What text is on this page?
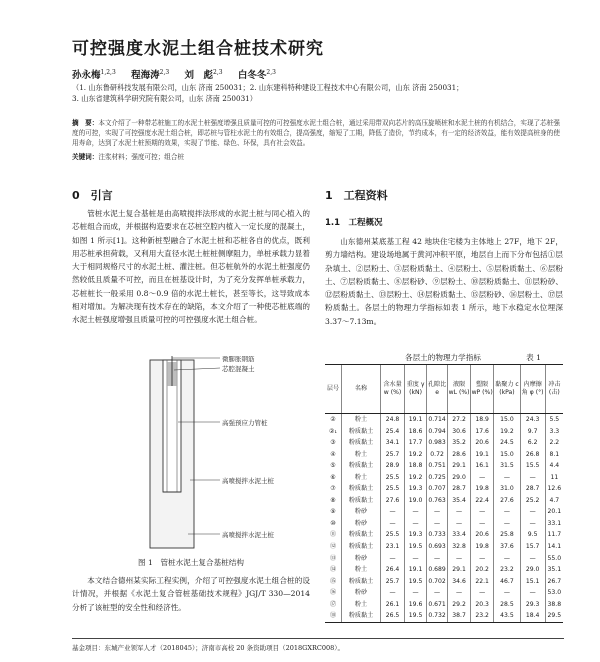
可控强度水泥土组合桩技术研究
孙永梅$^{1,2,3}$ 程海涛$^{2,3}$ 刘　彪$^{2,3}$ 白冬冬$^{2,3}$
（1. 山东鲁研科技发展有限公司，山东 济南 250031；2. 山东建科特种建设工程技术中心有限公司，山东 济南 250031；
3. 山东省建筑科学研究院有限公司，山东 济南 250031）
摘　要：本文介绍了一种带芯桩施工的水泥土桩强度增强且质量可控的可控强度水泥土组合桩，通过采用带双向芯片的高压旋喷桩和水泥土桩的有机结合，实现了芯桩强度的可控，实现了可控强度水泥土组合桩，即芯桩与管柱水泥土的有效组合，提高强度，缩短了工期，降低了造价，节约成本，有一定的经济效益，能有效提高桩身的使用寿命，达到了水泥土桩预期的效果，实现了节能、绿色、环保，具有社会效益。
关键词：注浆材料；强度可控；组合桩
0　引言
管桩水泥土复合基桩是由高喷搅拌法形成的水泥土桩与同心植入的芯桩组合而成，并根据构造要求在芯桩空腔内植入一定长度的混凝土，如图 1 所示[1]。这种新桩型融合了水泥土桩和芯桩各自的优点，既利用芯桩承担荷载，又利用大直径水泥土桩桩侧摩阻力，单桩承载力显着大于相同规格尺寸的水泥土桩、灌注桩。但芯桩航外的水泥土桩强度仍然较低且质量不可控，而且在桩基设计时，为了充分发挥单桩承载力，芯桩桩长一般采用 0.8～0.9 倍的水泥土桩长，甚至等长，这导致成本相对增加。为解决现有技术存在的缺陷，本文介绍了一种使芯桩底端的水泥土桩强度增强且质量可控的可控强度水泥土组合桩。
微膨胀钢筋
芯腔混凝土
高强预应力管桩
高喷搅拌水泥土桩
高喷搅拌水泥土桩
图 1　管桩水泥土复合基桩结构
本文结合德州某实际工程实例，介绍了可控强度水泥土组合桩的设计情况，并根据《水泥土复合管桩基础技术规程》JGJ/T 330—2014 分析了该桩型的安全性和经济性。
1　工程资料
1.1　工程概况
山东德州某底基工程 42 地块住宅楼为主体地上 27F，地下 2F，剪力墙结构。建设场地属于黄河冲积平原，地层自上而下分布包括①层杂填土、②层粉土、③层粉质黏土、④层粉土、⑤层粉质黏土、⑥层粉土、⑦层粉质黏土、⑧层粉砂、⑨层粉土、⑩层粉质黏土、⑪层粉砂、⑫层粉质黏土、⑬层粉土、⑭层粉质黏土、⑮层粉砂、⑯层粉土、⑰层粉质黏土。各层土的物理力学指标如表 1 所示，地下水稳定水位埋深 3.37～7.13m。
各层土的物理力学指标	表 1
层号	名称	含水量 w (%)	重度 γ (kN)	孔隙比 e	液限 wL (%)	塑限 wP (%)	黏聚力 c (kPa)	内摩擦角 φ (°)	冲击(击)
②	粉土	24.8	19.1	0.714	27.2	18.9	15.0	24.3	5.5
②₁	粉质黏土	25.4	18.6	0.794	30.6	17.6	19.2	9.7	3.3
③	粉质黏土	34.1	17.7	0.983	35.2	20.6	24.5	6.2	2.2
④	粉土	25.7	19.2	0.72	28.6	19.1	15.0	26.8	8.1
⑤	粉质黏土	28.9	18.8	0.751	29.1	16.1	31.5	15.5	4.4
⑥	粉土	25.5	19.2	0.725	29.0	—	—	—	11
⑦	粉质黏土	25.5	19.3	0.707	28.7	19.8	31.0	28.7	12.6
⑧	粉质黏土	27.6	19.0	0.763	35.4	22.4	27.6	25.2	4.7
⑨	粉砂	—	—	—	—	—	—	—	20.1
⑩	粉砂	—	—	—	—	—	—	—	33.1
⑪	粉质黏土	25.5	19.3	0.733	33.4	20.6	25.8	9.5	11.7
⑫	粉质黏土	23.1	19.5	0.693	32.8	19.8	37.6	15.7	14.1
⑬	粉砂	—	—	—	—	—	—	—	55.0
⑭	粉土	26.4	19.1	0.689	29.1	20.2	23.2	29.0	35.1
⑮	粉质黏土	25.7	19.5	0.702	34.6	22.1	46.7	15.1	26.7
⑯	粉砂	—	—	—	—	—	—	—	53.0
⑰	粉土	26.1	19.6	0.671	29.2	20.3	28.5	29.3	38.8
⑱	粉质黏土	26.5	19.5	0.732	38.7	23.2	43.5	18.4	29.5
基金项目：东城产业领军人才（2018045）；济南市高校 20 条资助项目（2018GXRC008）。
